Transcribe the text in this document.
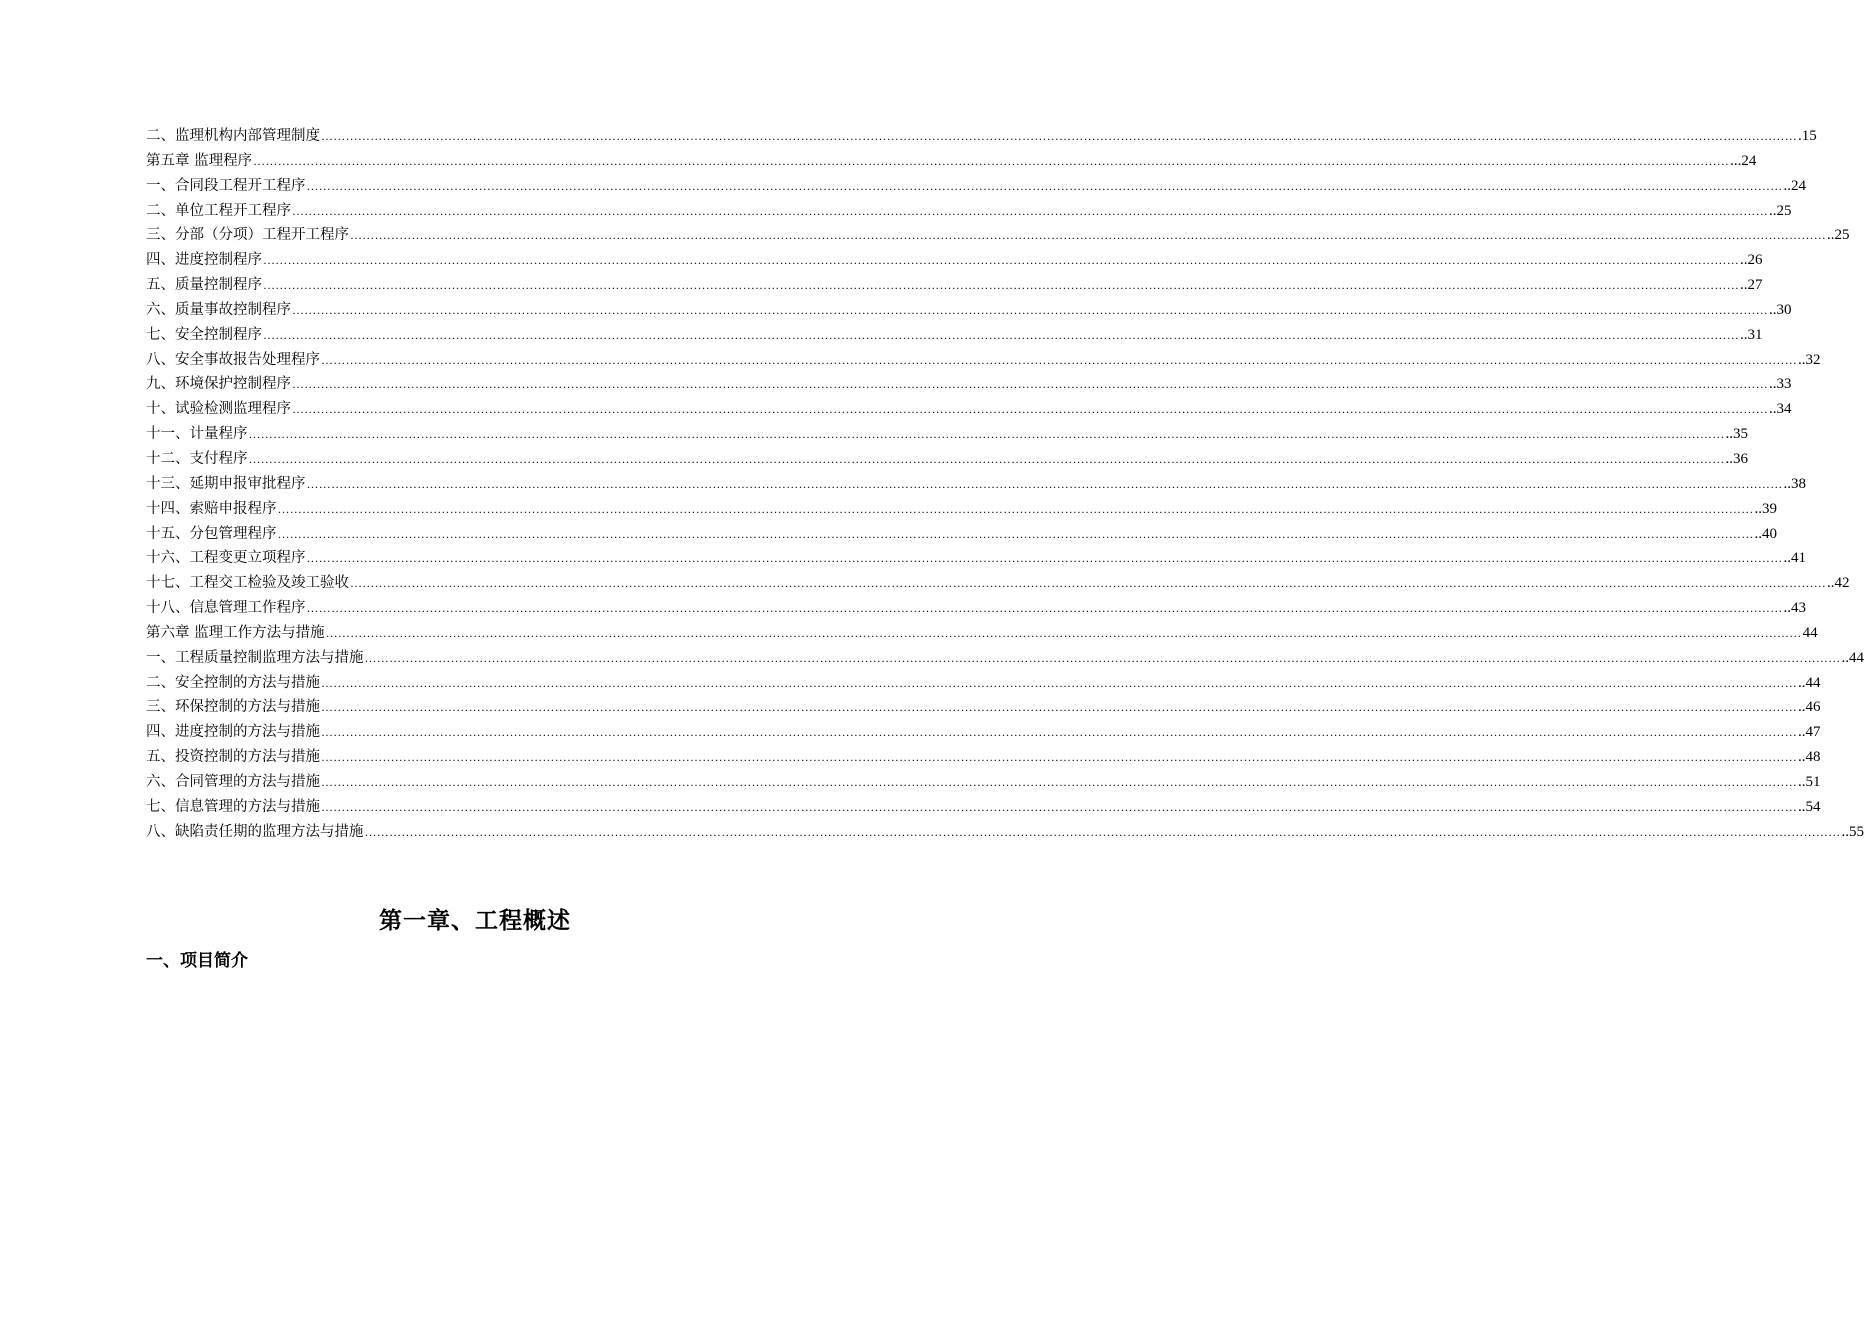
二、监理机构内部管理制度 ……………………………………………………………………………………………………………………………………………………………………………………………………………………………………………………………………………………………………………………………… .15
第五章 监理程序 ……………………………………………………………………………………………………………………………………………………………………………………………………………………………………………………………………………………………………………………………… ...24
一、合同段工程开工程序 ……………………………………………………………………………………………………………………………………………………………………………………………………………………………………………………………………………………………………………………………… ..24
二、单位工程开工程序 ……………………………………………………………………………………………………………………………………………………………………………………………………………………………………………………………………………………………………………………………… ..25
三、分部（分项）工程开工程序 ……………………………………………………………………………………………………………………………………………………………………………………………………………………………………………………………………………………………………………………………… ..25
四、进度控制程序 ……………………………………………………………………………………………………………………………………………………………………………………………………………………………………………………………………………………………………………………………… ..26
五、质量控制程序 ……………………………………………………………………………………………………………………………………………………………………………………………………………………………………………………………………………………………………………………………… ..27
六、质量事故控制程序 ……………………………………………………………………………………………………………………………………………………………………………………………………………………………………………………………………………………………………………………………… ..30
七、安全控制程序 ……………………………………………………………………………………………………………………………………………………………………………………………………………………………………………………………………………………………………………………………… ..31
八、安全事故报告处理程序 ……………………………………………………………………………………………………………………………………………………………………………………………………………………………………………………………………………………………………………………………… ..32
九、环境保护控制程序 ……………………………………………………………………………………………………………………………………………………………………………………………………………………………………………………………………………………………………………………………… ..33
十、试验检测监理程序 ……………………………………………………………………………………………………………………………………………………………………………………………………………………………………………………………………………………………………………………………… ..34
十一、计量程序 ……………………………………………………………………………………………………………………………………………………………………………………………………………………………………………………………………………………………………………………………… ..35
十二、支付程序 ……………………………………………………………………………………………………………………………………………………………………………………………………………………………………………………………………………………………………………………………… ..36
十三、延期申报审批程序 ……………………………………………………………………………………………………………………………………………………………………………………………………………………………………………………………………………………………………………………………… ..38
十四、索赔申报程序 ……………………………………………………………………………………………………………………………………………………………………………………………………………………………………………………………………………………………………………………………… ..39
十五、分包管理程序 ……………………………………………………………………………………………………………………………………………………………………………………………………………………………………………………………………………………………………………………………… ..40
十六、工程变更立项程序 ……………………………………………………………………………………………………………………………………………………………………………………………………………………………………………………………………………………………………………………………… ..41
十七、工程交工检验及竣工验收 ……………………………………………………………………………………………………………………………………………………………………………………………………………………………………………………………………………………………………………………………… ..42
十八、信息管理工作程序 ……………………………………………………………………………………………………………………………………………………………………………………………………………………………………………………………………………………………………………………………… ..43
第六章 监理工作方法与措施 ……………………………………………………………………………………………………………………………………………………………………………………………………………………………………………………………………………………………………………………………… 44
一、工程质量控制监理方法与措施 ……………………………………………………………………………………………………………………………………………………………………………………………………………………………………………………………………………………………………………………………… ..44
二、安全控制的方法与措施 ……………………………………………………………………………………………………………………………………………………………………………………………………………………………………………………………………………………………………………………………… ..44
三、环保控制的方法与措施 ……………………………………………………………………………………………………………………………………………………………………………………………………………………………………………………………………………………………………………………………… ..46
四、进度控制的方法与措施 ……………………………………………………………………………………………………………………………………………………………………………………………………………………………………………………………………………………………………………………………… ..47
五、投资控制的方法与措施 ……………………………………………………………………………………………………………………………………………………………………………………………………………………………………………………………………………………………………………………………… ..48
六、合同管理的方法与措施 ……………………………………………………………………………………………………………………………………………………………………………………………………………………………………………………………………………………………………………………………… ..51
七、信息管理的方法与措施 ……………………………………………………………………………………………………………………………………………………………………………………………………………………………………………………………………………………………………………………………… ..54
八、缺陷责任期的监理方法与措施 ……………………………………………………………………………………………………………………………………………………………………………………………………………………………………………………………………………………………………………………………… ..55
第一章、工程概述
一、项目简介
